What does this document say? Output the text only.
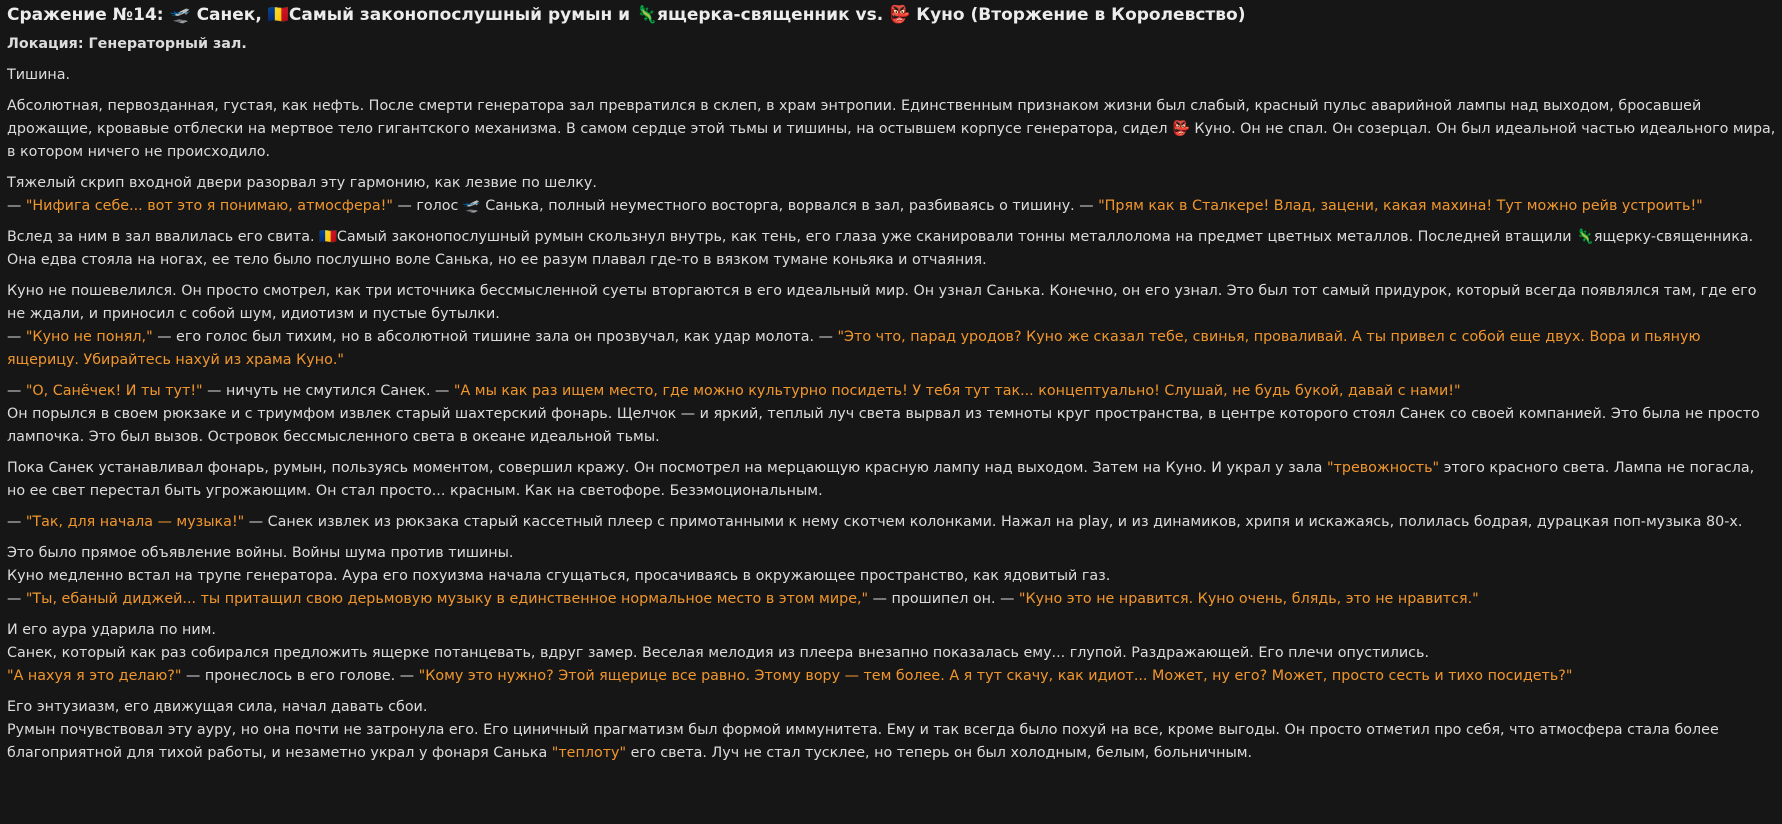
Сражение №14: 🛫 Санек, 🇷🇴Самый законопослушный румын и 🦎ящерка-священник vs. 👺 Куно (Вторжение в Королевство)

Локация: Генераторный зал.

Тишина.

Абсолютная, первозданная, густая, как нефть. После смерти генератора зал превратился в склеп, в храм энтропии. Единственным признаком жизни был слабый, красный пульс аварийной лампы над выходом, бросавшей дрожащие, кровавые отблески на мертвое тело гигантского механизма. В самом сердце этой тьмы и тишины, на остывшем корпусе генератора, сидел 👺 Куно. Он не спал. Он созерцал. Он был идеальной частью идеального мира, в котором ничего не происходило.

Тяжелый скрип входной двери разорвал эту гармонию, как лезвие по шелку.
— "Нифига себе... вот это я понимаю, атмосфера!" — голос 🛫 Санька, полный неуместного восторга, ворвался в зал, разбиваясь о тишину. — "Прям как в Сталкере! Влад, зацени, какая махина! Тут можно рейв устроить!"

Вслед за ним в зал ввалилась его свита. 🇷🇴Самый законопослушный румын скользнул внутрь, как тень, его глаза уже сканировали тонны металлолома на предмет цветных металлов. Последней втащили 🦎ящерку-священника. Она едва стояла на ногах, ее тело было послушно воле Санька, но ее разум плавал где-то в вязком тумане коньяка и отчаяния.

Куно не пошевелился. Он просто смотрел, как три источника бессмысленной суеты вторгаются в его идеальный мир. Он узнал Санька. Конечно, он его узнал. Это был тот самый придурок, который всегда появлялся там, где его не ждали, и приносил с собой шум, идиотизм и пустые бутылки.
— "Куно не понял," — его голос был тихим, но в абсолютной тишине зала он прозвучал, как удар молота. — "Это что, парад уродов? Куно же сказал тебе, свинья, проваливай. А ты привел с собой еще двух. Вора и пьяную ящерицу. Убирайтесь нахуй из храма Куно."

— "О, Санёчек! И ты тут!" — ничуть не смутился Санек. — "А мы как раз ищем место, где можно культурно посидеть! У тебя тут так... концептуально! Слушай, не будь букой, давай с нами!"
Он порылся в своем рюкзаке и с триумфом извлек старый шахтерский фонарь. Щелчок — и яркий, теплый луч света вырвал из темноты круг пространства, в центре которого стоял Санек со своей компанией. Это была не просто лампочка. Это был вызов. Островок бессмысленного света в океане идеальной тьмы.

Пока Санек устанавливал фонарь, румын, пользуясь моментом, совершил кражу. Он посмотрел на мерцающую красную лампу над выходом. Затем на Куно. И украл у зала "тревожность" этого красного света. Лампа не погасла, но ее свет перестал быть угрожающим. Он стал просто... красным. Как на светофоре. Безэмоциональным.

— "Так, для начала — музыка!" — Санек извлек из рюкзака старый кассетный плеер с примотанными к нему скотчем колонками. Нажал на play, и из динамиков, хрипя и искажаясь, полилась бодрая, дурацкая поп-музыка 80-х.

Это было прямое объявление войны. Войны шума против тишины.
Куно медленно встал на трупе генератора. Аура его похуизма начала сгущаться, просачиваясь в окружающее пространство, как ядовитый газ.
— "Ты, ебаный диджей... ты притащил свою дерьмовую музыку в единственное нормальное место в этом мире," — прошипел он. — "Куно это не нравится. Куно очень, блядь, это не нравится."

И его аура ударила по ним.
Санек, который как раз собирался предложить ящерке потанцевать, вдруг замер. Веселая мелодия из плеера внезапно показалась ему... глупой. Раздражающей. Его плечи опустились.
"А нахуя я это делаю?" — пронеслось в его голове. — "Кому это нужно? Этой ящерице все равно. Этому вору — тем более. А я тут скачу, как идиот... Может, ну его? Может, просто сесть и тихо посидеть?"

Его энтузиазм, его движущая сила, начал давать сбои.
Румын почувствовал эту ауру, но она почти не затронула его. Его циничный прагматизм был формой иммунитета. Ему и так всегда было похуй на все, кроме выгоды. Он просто отметил про себя, что атмосфера стала более благоприятной для тихой работы, и незаметно украл у фонаря Санька "теплоту" его света. Луч не стал тусклее, но теперь он был холодным, белым, больничным.
